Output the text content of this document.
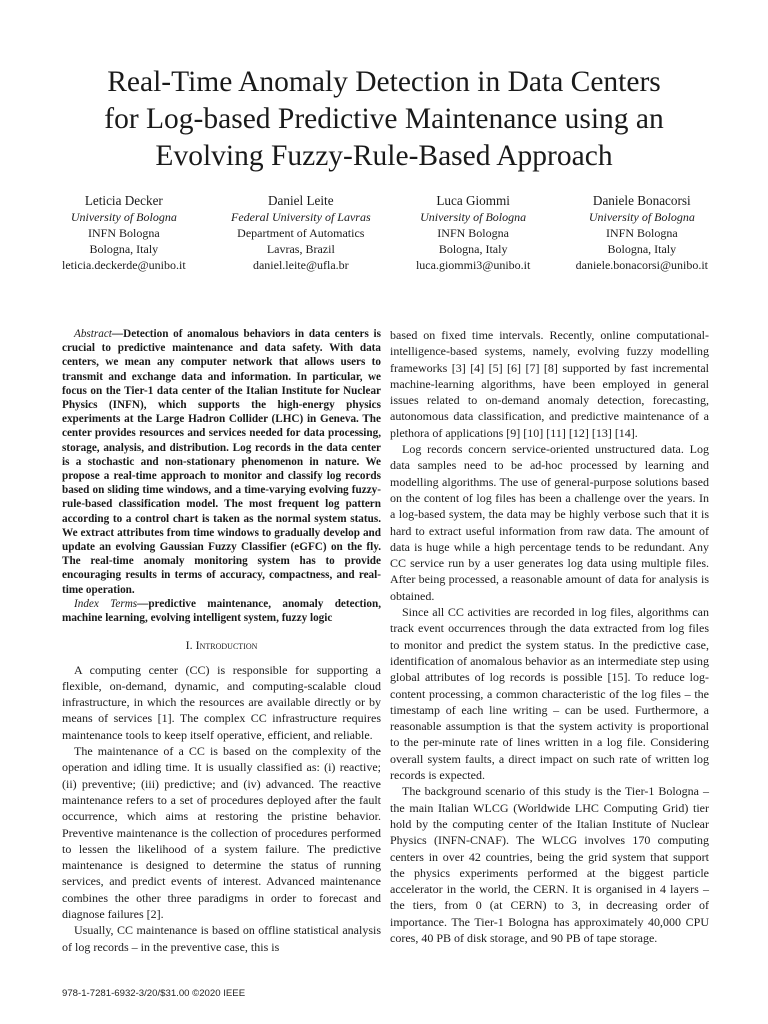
Real-Time Anomaly Detection in Data Centers
for Log-based Predictive Maintenance using an
Evolving Fuzzy-Rule-Based Approach
Leticia Decker
University of Bologna
INFN Bologna
Bologna, Italy
leticia.deckerde@unibo.it
Daniel Leite
Federal University of Lavras
Department of Automatics
Lavras, Brazil
daniel.leite@ufla.br
Luca Giommi
University of Bologna
INFN Bologna
Bologna, Italy
luca.giommi3@unibo.it
Daniele Bonacorsi
University of Bologna
INFN Bologna
Bologna, Italy
daniele.bonacorsi@unibo.it

Abstract—Detection of anomalous behaviors in data centers is crucial to predictive maintenance and data safety. With data centers, we mean any computer network that allows users to transmit and exchange data and information. In particular, we focus on the Tier-1 data center of the Italian Institute for Nuclear Physics (INFN), which supports the high-energy physics experiments at the Large Hadron Collider (LHC) in Geneva. The center provides resources and services needed for data processing, storage, analysis, and distribution. Log records in the data center is a stochastic and non-stationary phenomenon in nature. We propose a real-time approach to monitor and classify log records based on sliding time windows, and a time-varying evolving fuzzy-rule-based classification model. The most frequent log pattern according to a control chart is taken as the normal system status. We extract attributes from time windows to gradually develop and update an evolving Gaussian Fuzzy Classifier (eGFC) on the fly. The real-time anomaly monitoring system has to provide encouraging results in terms of accuracy, compactness, and real-time operation.

Index Terms—predictive maintenance, anomaly detection, machine learning, evolving intelligent system, fuzzy logic

I. Introduction

A computing center (CC) is responsible for supporting a flexible, on-demand, dynamic, and computing-scalable cloud infrastructure, in which the resources are available directly or by means of services [1]. The complex CC infrastructure requires maintenance tools to keep itself operative, efficient, and reliable.

The maintenance of a CC is based on the complexity of the operation and idling time. It is usually classified as: (i) reactive; (ii) preventive; (iii) predictive; and (iv) advanced. The reactive maintenance refers to a set of procedures deployed after the fault occurrence, which aims at restoring the pristine behavior. Preventive maintenance is the collection of procedures performed to lessen the likelihood of a system failure. The predictive maintenance is designed to determine the status of running services, and predict events of interest. Advanced maintenance combines the other three paradigms in order to forecast and diagnose failures [2].

Usually, CC maintenance is based on offline statistical analysis of log records – in the preventive case, this is

based on fixed time intervals. Recently, online computational-intelligence-based systems, namely, evolving fuzzy modelling frameworks [3] [4] [5] [6] [7] [8] supported by fast incremental machine-learning algorithms, have been employed in general issues related to on-demand anomaly detection, forecasting, autonomous data classification, and predictive maintenance of a plethora of applications [9] [10] [11] [12] [13] [14].

Log records concern service-oriented unstructured data. Log data samples need to be ad-hoc processed by learning and modelling algorithms. The use of general-purpose solutions based on the content of log files has been a challenge over the years. In a log-based system, the data may be highly verbose such that it is hard to extract useful information from raw data. The amount of data is huge while a high percentage tends to be redundant. Any CC service run by a user generates log data using multiple files. After being processed, a reasonable amount of data for analysis is obtained.

Since all CC activities are recorded in log files, algorithms can track event occurrences through the data extracted from log files to monitor and predict the system status. In the predictive case, identification of anomalous behavior as an intermediate step using global attributes of log records is possible [15]. To reduce log-content processing, a common characteristic of the log files – the timestamp of each line writing – can be used. Furthermore, a reasonable assumption is that the system activity is proportional to the per-minute rate of lines written in a log file. Considering overall system faults, a direct impact on such rate of written log records is expected.

The background scenario of this study is the Tier-1 Bologna – the main Italian WLCG (Worldwide LHC Computing Grid) tier hold by the computing center of the Italian Institute of Nuclear Physics (INFN-CNAF). The WLCG involves 170 computing centers in over 42 countries, being the grid system that support the physics experiments performed at the biggest particle accelerator in the world, the CERN. It is organised in 4 layers – the tiers, from 0 (at CERN) to 3, in decreasing order of importance. The Tier-1 Bologna has approximately 40,000 CPU cores, 40 PB of disk storage, and 90 PB of tape storage.

978-1-7281-6932-3/20/$31.00 ©2020 IEEE
